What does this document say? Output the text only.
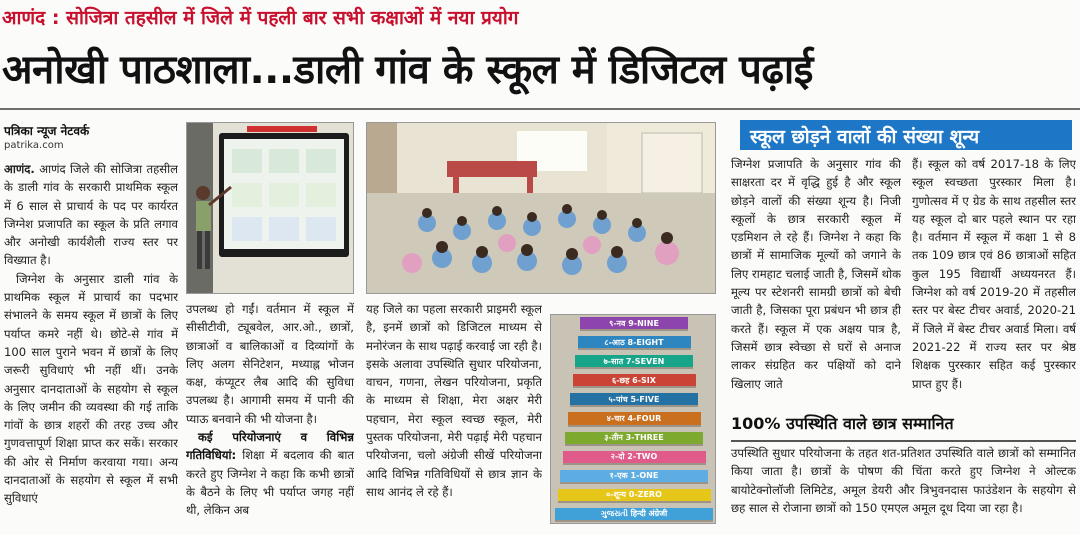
आणंद : सोजित्रा तहसील में जिले में पहली बार सभी कक्षाओं में नया प्रयोग
अनोखी पाठशाला...डाली गांव के स्कूल में डिजिटल पढ़ाई
पत्रिका न्यूज नेटवर्क
patrika.com
आणंद. आणंद जिले की सोजित्रा तहसील के डाली गांव के सरकारी प्राथमिक स्कूल में 6 साल से प्राचार्य के पद पर कार्यरत जिग्नेश प्रजापति का स्कूल के प्रति लगाव और अनोखी कार्यशैली राज्य स्तर पर विख्यात है।
जिग्नेश के अनुसार डाली गांव के प्राथमिक स्कूल में प्राचार्य का पदभार संभालने के समय स्कूल में छात्रों के लिए पर्याप्त कमरे नहीं थे। छोटे-से गांव में 100 साल पुराने भवन में छात्रों के लिए जरूरी सुविधाएं भी नहीं थीं। उनके अनुसार दानदाताओं के सहयोग से स्कूल के लिए जमीन की व्यवस्था की गई ताकि गांवों के छात्र शहरों की तरह उच्च और गुणवत्तापूर्ण शिक्षा प्राप्त कर सकें। सरकार की ओर से निर्माण करवाया गया। अन्य दानदाताओं के सहयोग से स्कूल में सभी सुविधाएं
उपलब्ध हो गईं। वर्तमान में स्कूल में सीसीटीवी, ट्यूबवेल, आर.ओ., छात्रों, छात्राओं व बालिकाओं व दिव्यांगों के लिए अलग सेनिटेशन, मध्याह्न भोजन कक्ष, कंप्यूटर लैब आदि की सुविधा उपलब्ध है। आगामी समय में पानी की प्याऊ बनवाने की भी योजना है।
कई परियोजनाएं व विभिन्न गतिविधियां: शिक्षा में बदलाव की बात करते हुए जिग्नेश ने कहा कि कभी छात्रों के बैठने के लिए भी पर्याप्त जगह नहीं थी, लेकिन अब
यह जिले का पहला सरकारी प्राइमरी स्कूल है, इनमें छात्रों को डिजिटल माध्यम से मनोरंजन के साथ पढ़ाई करवाई जा रही है। इसके अलावा उपस्थिति सुधार परियोजना, वाचन, गणना, लेखन परियोजना, प्रकृति के माध्यम से शिक्षा, मेरा अक्षर मेरी पहचान, मेरा स्कूल स्वच्छ स्कूल, मेरी पुस्तक परियोजना, मेरी पढ़ाई मेरी पहचान परियोजना, चलो अंग्रेजी सीखें परियोजना आदि विभिन्न गतिविधियों से छात्र ज्ञान के साथ आनंद ले रहे हैं।
९-नव 9-NINE
८-आठ 8-EIGHT
७-सात 7-SEVEN
६-छह 6-SIX
५-पांच 5-FIVE
४-चार 4-FOUR
३-तीन 3-THREE
२-दो 2-TWO
१-एक 1-ONE
०-शून्य 0-ZERO
ગુજરાતી हिन्दी अंग्रेजी
स्कूल छोड़ने वालों की संख्या शून्य
जिग्नेश प्रजापति के अनुसार गांव की साक्षरता दर में वृद्धि हुई है और स्कूल छोड़ने वालों की संख्या शून्य है। निजी स्कूलों के छात्र सरकारी स्कूल में एडमिशन ले रहे हैं। जिग्नेश ने कहा कि छात्रों में सामाजिक मूल्यों को जगाने के लिए रामहाट चलाई जाती है, जिसमें थोक मूल्य पर स्टेशनरी सामग्री छात्रों को बेची जाती है, जिसका पूरा प्रबंधन भी छात्र ही करते हैं। स्कूल में एक अक्षय पात्र है, जिसमें छात्र स्वेच्छा से घरों से अनाज लाकर संग्रहित कर पक्षियों को दाने खिलाए जाते
हैं। स्कूल को वर्ष 2017-18 के लिए स्कूल स्वच्छता पुरस्कार मिला है। गुणोत्सव में ए ग्रेड के साथ तहसील स्तर यह स्कूल दो बार पहले स्थान पर रहा है। वर्तमान में स्कूल में कक्षा 1 से 8 तक 109 छात्र एवं 86 छात्राओं सहित कुल 195 विद्यार्थी अध्ययनरत हैं। जिग्नेश को वर्ष 2019-20 में तहसील स्तर पर बेस्ट टीचर अवार्ड, 2020-21 में जिले में बेस्ट टीचर अवार्ड मिला। वर्ष 2021-22 में राज्य स्तर पर श्रेष्ठ शिक्षक पुरस्कार सहित कई पुरस्कार प्राप्त हुए हैं।
100% उपस्थिति वाले छात्र सम्मानित
उपस्थिति सुधार परियोजना के तहत शत-प्रतिशत उपस्थिति वाले छात्रों को सम्मानित किया जाता है। छात्रों के पोषण की चिंता करते हुए जिग्नेश ने ओल्टक बायोटेक्नोलॉजी लिमिटेड, अमूल डेयरी और त्रिभुवनदास फाउंडेशन के सहयोग से छह साल से रोजाना छात्रों को 150 एमएल अमूल दूध दिया जा रहा है।
